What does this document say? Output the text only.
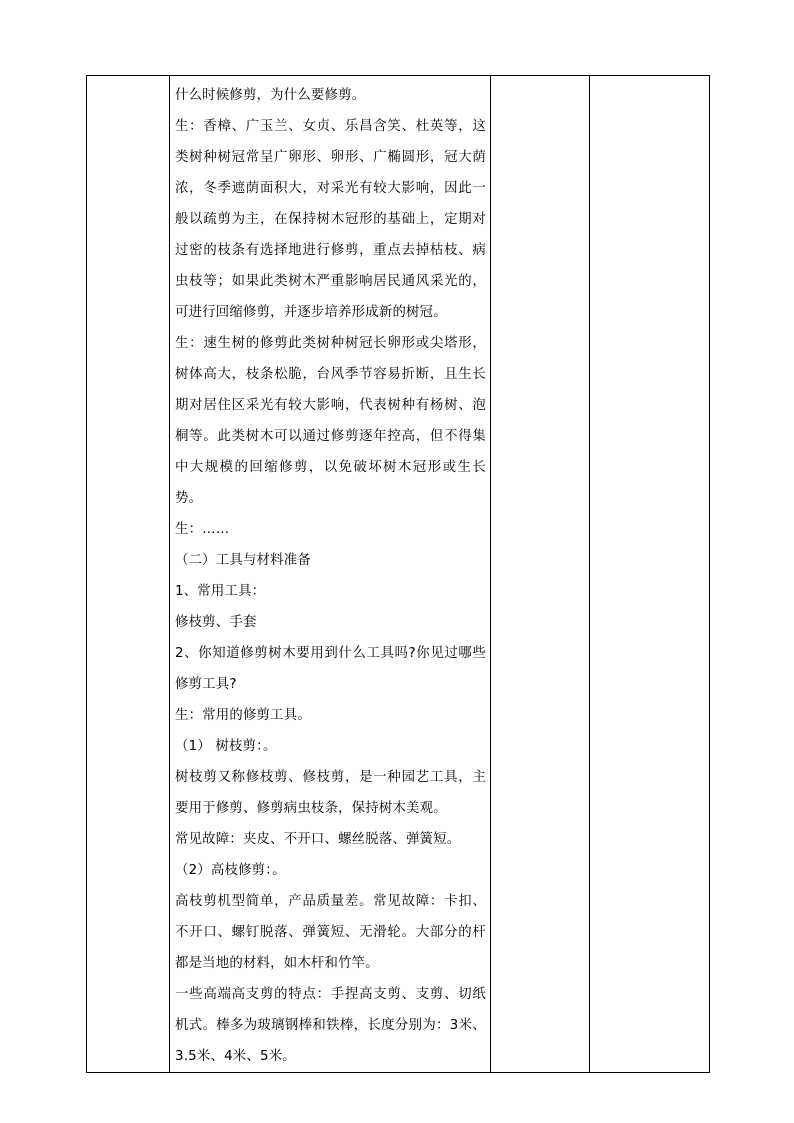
什么时候修剪，为什么要修剪。

生：香樟、广玉兰、女贞、乐昌含笑、杜英等，这类树种树冠常呈广卵形、卵形、广椭圆形，冠大荫浓，冬季遮荫面积大，对采光有较大影响，因此一般以疏剪为主，在保持树木冠形的基础上，定期对过密的枝条有选择地进行修剪，重点去掉枯枝、病虫枝等；如果此类树木严重影响居民通风采光的，可进行回缩修剪，并逐步培养形成新的树冠。

生：速生树的修剪此类树种树冠长卵形或尖塔形，树体高大，枝条松脆，台风季节容易折断，且生长期对居住区采光有较大影响，代表树种有杨树、泡桐等。此类树木可以通过修剪逐年控高，但不得集中大规模的回缩修剪，以免破坏树木冠形或生长势。

生：……

（二）工具与材料准备

1、常用工具：

修枝剪、手套

2、你知道修剪树木要用到什么工具吗?你见过哪些修剪工具?

生：常用的修剪工具。

（1） 树枝剪：。

树枝剪又称修枝剪、修枝剪，是一种园艺工具，主要用于修剪、修剪病虫枝条，保持树木美观。

常见故障：夹皮、不开口、螺丝脱落、弹簧短。

（2）高枝修剪：。

高枝剪机型简单，产品质量差。常见故障：卡扣、不开口、螺钉脱落、弹簧短、无滑轮。大部分的杆都是当地的材料，如木杆和竹竿。

一些高端高支剪的特点：手捏高支剪、支剪、切纸机式。棒多为玻璃钢棒和铁棒，长度分别为：3米、3.5米、4米、5米。
